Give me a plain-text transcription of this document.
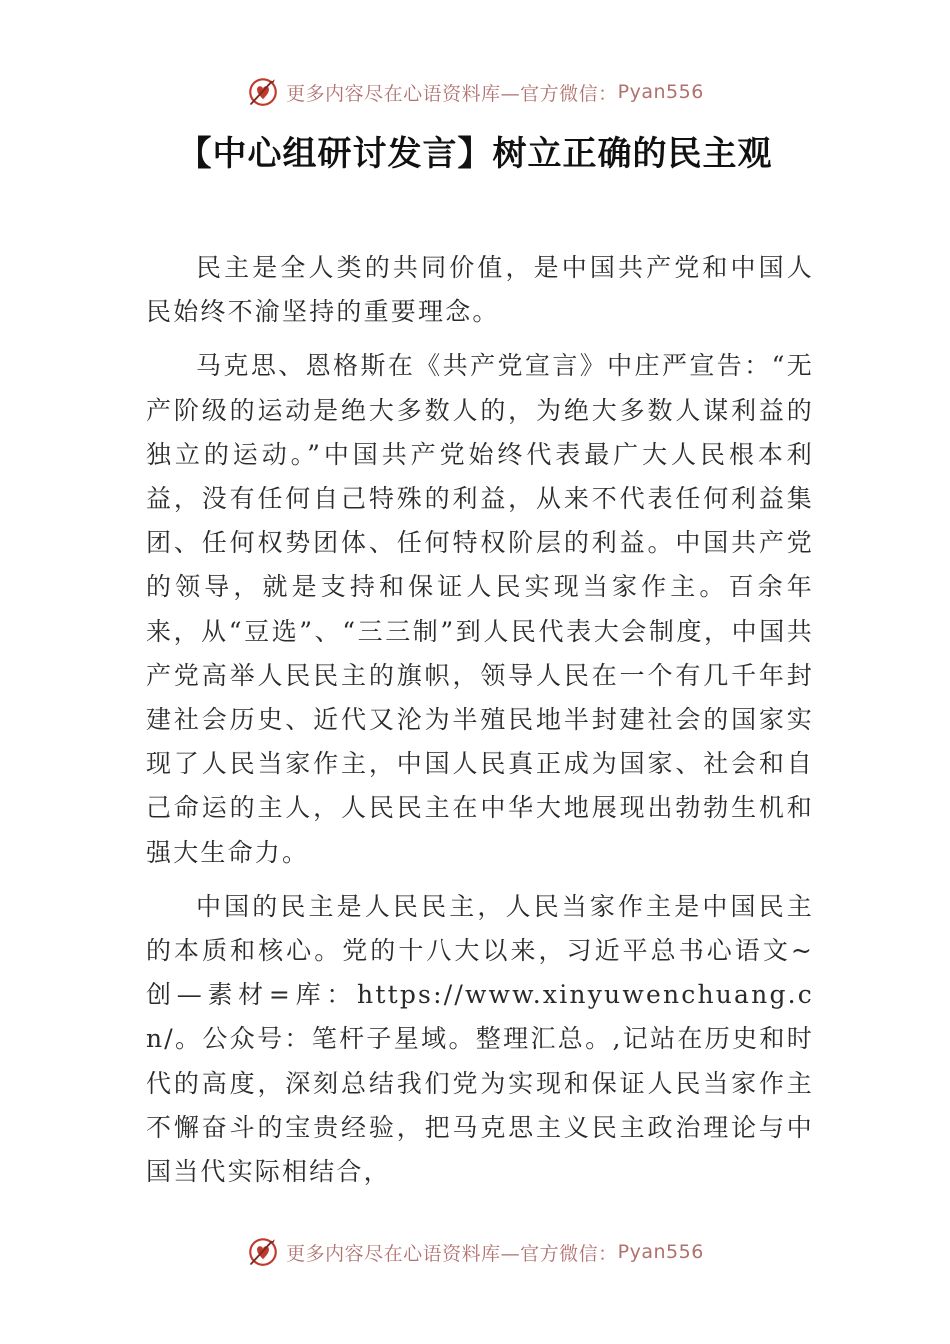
更多内容尽在心语资料库—官方微信： Pyan556
【中心组研讨发言】树立正确的民主观

民主是全人类的共同价值，是中国共产党和中国人民始终不渝坚持的重要理念。

马克思、恩格斯在《共产党宣言》中庄严宣告：“无产阶级的运动是绝大多数人的，为绝大多数人谋利益的独立的运动。”中国共产党始终代表最广大人民根本利益，没有任何自己特殊的利益，从来不代表任何利益集团、任何权势团体、任何特权阶层的利益。中国共产党的领导，就是支持和保证人民实现当家作主。百余年来，从“豆选”、“三三制”到人民代表大会制度，中国共产党高举人民民主的旗帜，领导人民在一个有几千年封建社会历史、近代又沦为半殖民地半封建社会的国家实现了人民当家作主，中国人民真正成为国家、社会和自己命运的主人，人民民主在中华大地展现出勃勃生机和强大生命力。

中国的民主是人民民主，人民当家作主是中国民主的本质和核心。党的十八大以来，习近平总书心语文~创—素材=库：https://www.xinyuwenchuang.cn/。公众号：笔杆子星域。整理汇总。,记站在历史和时代的高度，深刻总结我们党为实现和保证人民当家作主不懈奋斗的宝贵经验，把马克思主义民主政治理论与中国当代实际相结合，

更多内容尽在心语资料库—官方微信： Pyan556
